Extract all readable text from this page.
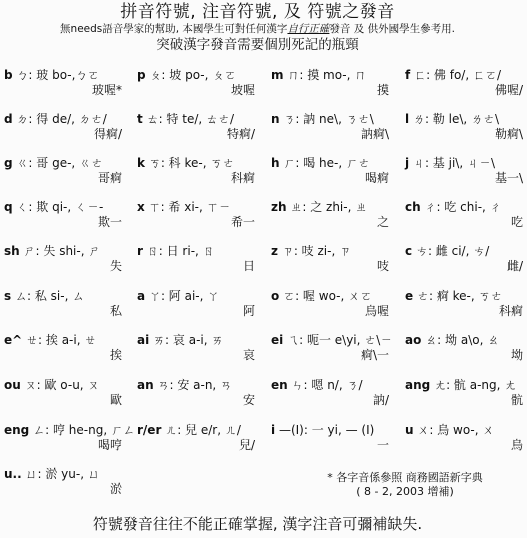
拼音符號, 注音符號, 及 符號之發音
無needs語音學家的幫助, 本國學生可對任何漢字自行正確發音 及 供外國學生參考用.
突破漢字發音需要個別死記的瓶頸
b ㄅ: 玻 bo-,ㄅㄛ
玻喔*
p ㄆ: 坡 po-, ㄆㄛ
坡喔
m ㄇ: 摸 mo-, ㄇ
摸
f ㄈ: 佛 fo/, ㄈㄛ/
佛喔/
d ㄉ: 得 de/, ㄉㄜ/
得痾/
t ㄊ: 特 te/, ㄊㄜ/
特痾/
n ㄋ: 訥 ne\, ㄋㄜ\
訥痾\
l ㄌ: 勒 le\, ㄌㄜ\
勒痾\
g ㄍ: 哥 ge-, ㄍㄜ
哥痾
k ㄎ: 科 ke-, ㄎㄜ
科痾
h ㄏ: 喝 he-, ㄏㄜ
喝痾
j ㄐ: 基 ji\, ㄐㄧ\
基一\
q ㄑ: 欺 qi-, ㄑㄧ-
欺一
x ㄒ: 希 xi-, ㄒㄧ
希一
zh ㄓ: 之 zhi-, ㄓ
之
ch ㄔ: 吃 chi-, ㄔ
吃
sh ㄕ: 失 shi-, ㄕ
失
r ㄖ: 日 ri-, ㄖ
日
z ㄗ: 吱 zi-, ㄗ
吱
c ㄘ: 雌 ci/, ㄘ/
雌/
s ㄙ: 私 si-, ㄙ
私
a ㄚ: 阿 ai-, ㄚ
阿
o ㄛ: 喔 wo-, ㄨㄛ
烏喔
e ㄜ: 痾 ke-, ㄎㄜ
科痾
e^ ㄝ: 挨 a-i, ㄝ
挨
ai ㄞ: 哀 a-i, ㄞ
哀
ei ㄟ: 呃一 e\yi, ㄜ\ㄧ
痾\一
ao ㄠ: 坳 a\o, ㄠ
坳
ou ㄡ: 歐 o-u, ㄡ
歐
an ㄢ: 安 a-n, ㄢ
安
en ㄣ: 嗯 n/, ㄋ/
訥/
ang ㄤ: 骯 a-ng, ㄤ
骯
eng ㄥ: 哼 he-ng, ㄏㄥ
喝哼
r/er ㄦ: 兒 e/r, ㄦ/
兒/
i —(I): 一 yi, — (I)
一
u ㄨ: 烏 wo-, ㄨ
烏
u.. ㄩ: 淤 yu-, ㄩ
淤
* 各字音係參照 商務國語新字典
( 8 - 2, 2003 增補)
符號發音往往不能正確掌握, 漢字注音可彌補缺失.
